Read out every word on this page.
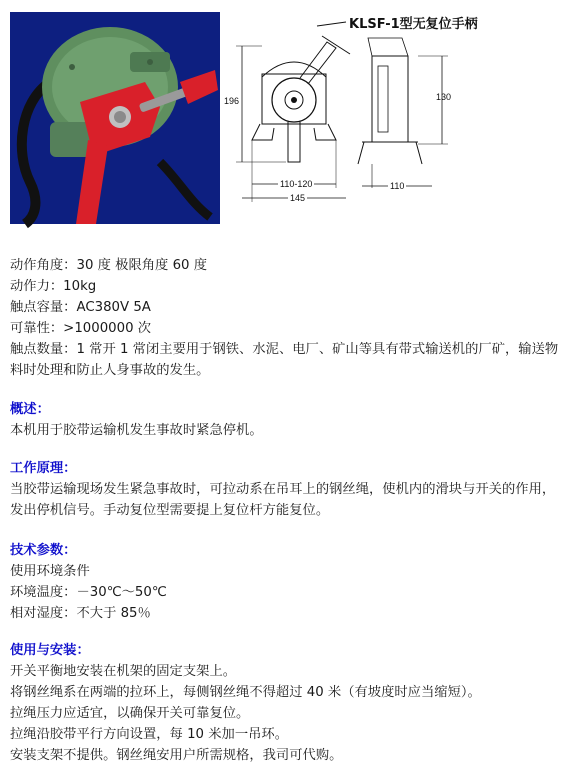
KLSF-1型无复位手柄
196	130
110-120
145
110
动作角度：30 度 极限角度 60 度
动作力：10kg
触点容量：AC380V 5A
可靠性：>1000000 次
触点数量：1 常开 1 常闭主要用于钢铁、水泥、电厂、矿山等具有带式输送机的厂矿，输送物料时处理和防止人身事故的发生。
概述：
本机用于胶带运输机发生事故时紧急停机。
工作原理：
当胶带运输现场发生紧急事故时，可拉动系在吊耳上的钢丝绳，使机内的滑块与开关的作用，发出停机信号。手动复位型需要提上复位杆方能复位。
技术参数：
使用环境条件
环境温度：－30℃～50℃
相对湿度：不大于 85％
使用与安装：
开关平衡地安装在机架的固定支架上。
将钢丝绳系在两端的拉环上，每侧钢丝绳不得超过 40 米（有坡度时应当缩短）。
拉绳压力应适宜，以确保开关可靠复位。
拉绳沿胶带平行方向设置，每 10 米加一吊环。
安装支架不提供。钢丝绳安用户所需规格，我司可代购。
